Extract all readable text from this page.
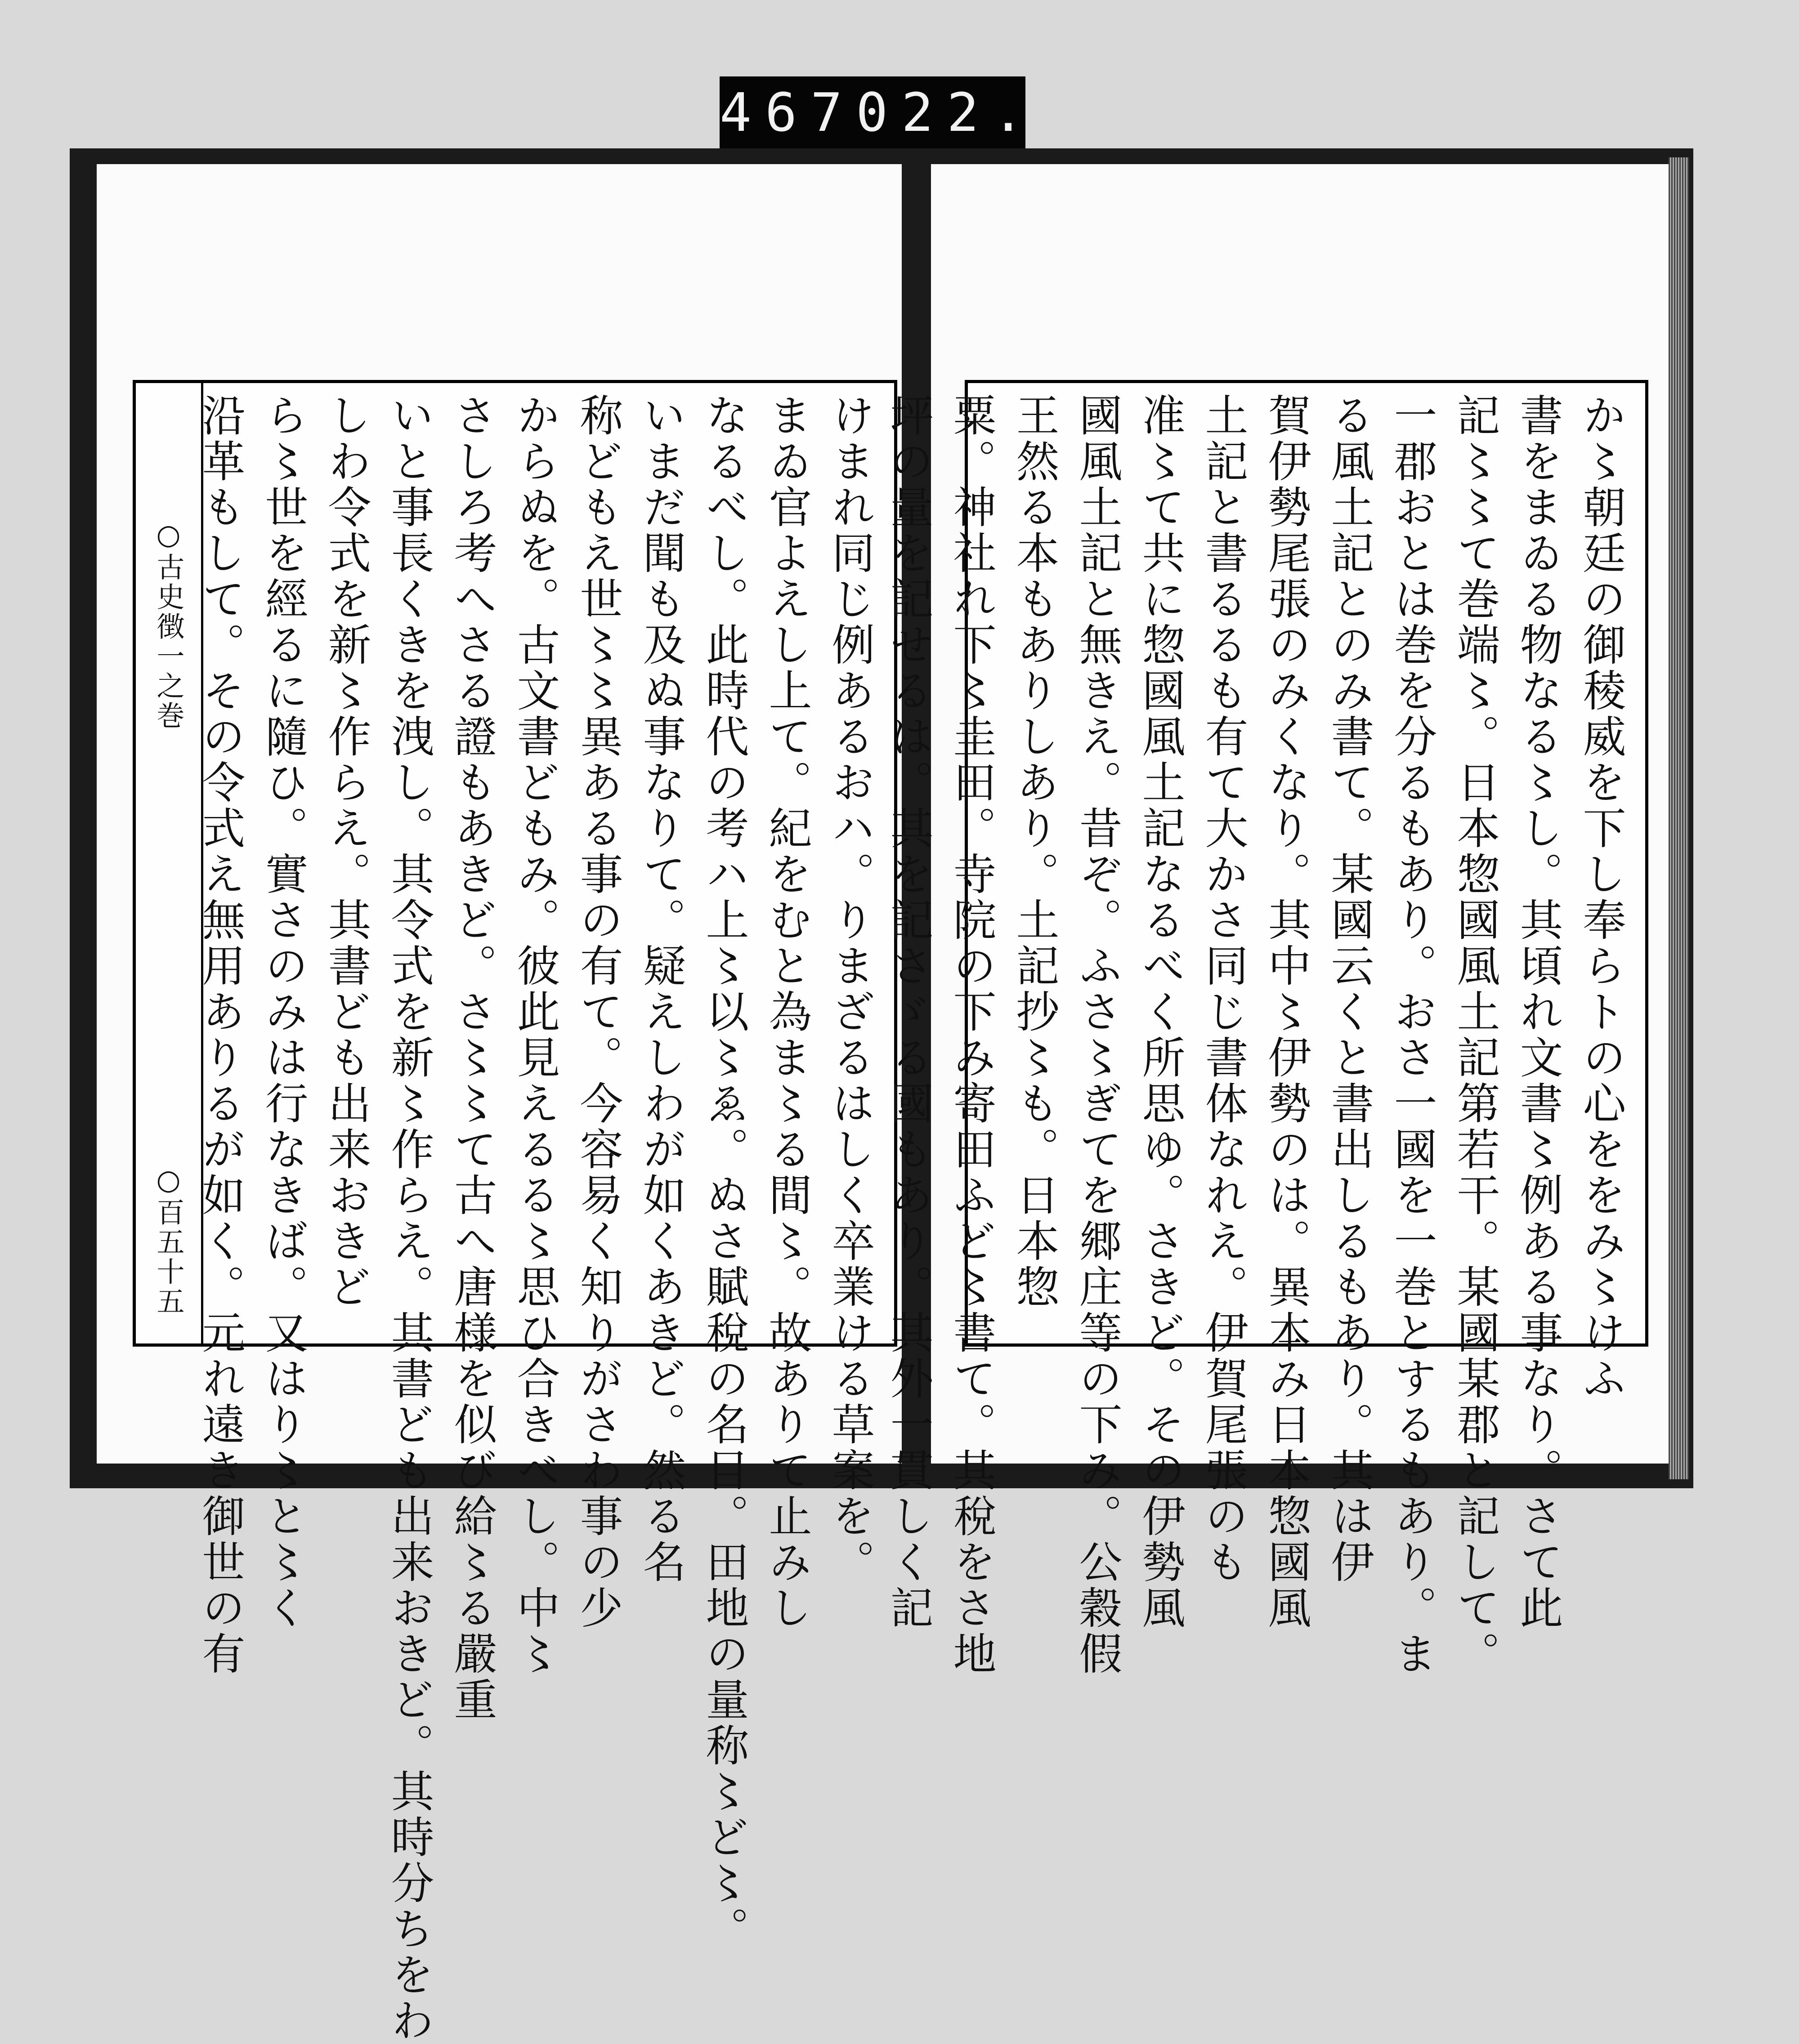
467 022.
○古史徴一之巻
○百五十五	けまれ同じ例あるおハ。りまざるはしく卒業ける草案を。
まゐ官よえし上て。紀をむと為ま〻る間〻。故ありて止みし
なるべし。此時代の考ハ上〻以〻ゑ。ぬさ賦稅の名目。田地の量称〻ど〻。
いまだ聞も及ぬ事なりて。疑えしわが如くあきど。然る名
称どもえ世〻〻異ある事の有て。今容易く知りがさわ事の少
からぬを。古文書どもみ。彼此見えるる〻思ひ合きべし。中〻
さしろ考へさる證もあきど。さ〻〻て古へ唐様を似び給〻る嚴重
いと事長くきを洩し。其令式を新〻作らえ。其書ども出来おきど。其時分ちをわ
しわ令式を新〻作らえ。其書ども出来おきど
ら〻世を經るに隨ひ。實さのみは行なきば。又はり〻と〻く
沿革もして。その令式え無用ありるが如く。元れ遠き御世の有	か〻朝廷の御稜威を下し奉らトの心ををみ〻けふ
書をまゐる物なる〻し。其頃れ文書〻例ある事なり。さて此
記〻〻て巻端〻。日本惣國風土記第若干。某國某郡と記して。
一郡おとは巻を分るもあり。おさ一國を一巻とするもあり。ま
る風土記とのみ書て。某國云くと書出しるもあり。其は伊
賀伊勢尾張のみくなり。其中〻伊勢のは。異本み日本惣國風
土記と書るるも有て大かさ同じ書体なれえ。伊賀尾張のも
准〻て共に惣國風土記なるべく所思ゆ。さきど。その伊勢風
國風土記と無きえ。昔ぞ。ふさ〻ぎてを郷庄等の下み。公穀假
王然る本もありしあり。土記抄〻も。日本惣
粟。神社れ下〻圭田。寺院の下み寄田ふど〻書て。其稅をさ地
坪の量を記せるは。其を記さゞる國もあり。其外一貫しく記
